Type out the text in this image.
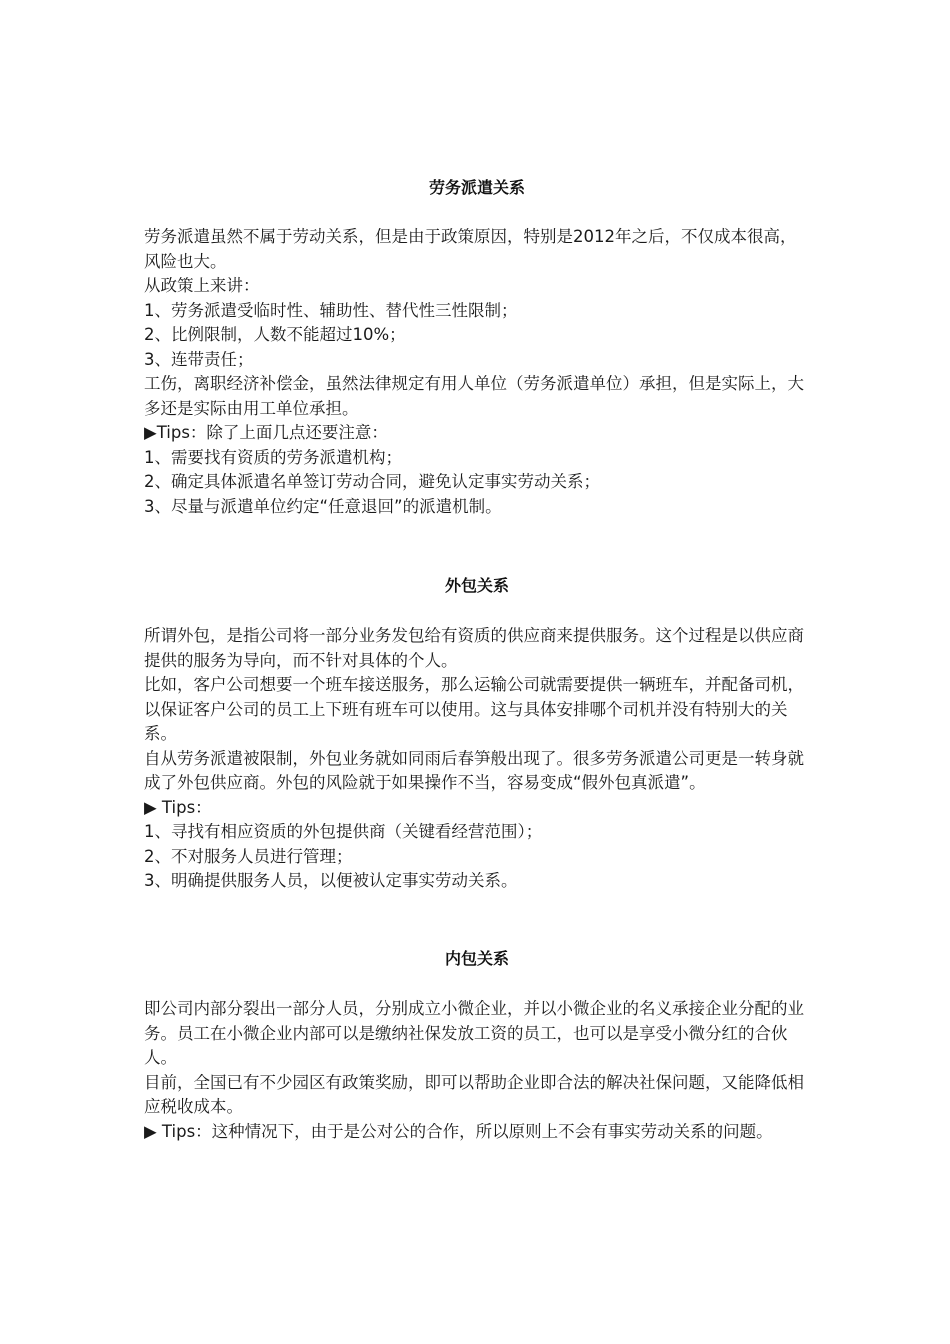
劳务派遣关系

劳务派遣虽然不属于劳动关系，但是由于政策原因，特别是2012年之后，不仅成本很高，风险也大。

从政策上来讲：

1、劳务派遣受临时性、辅助性、替代性三性限制；

2、比例限制，人数不能超过10%；

3、连带责任；

工伤，离职经济补偿金，虽然法律规定有用人单位（劳务派遣单位）承担，但是实际上，大多还是实际由用工单位承担。

▶Tips：除了上面几点还要注意：

1、需要找有资质的劳务派遣机构；

2、确定具体派遣名单签订劳动合同，避免认定事实劳动关系；

3、尽量与派遣单位约定“任意退回”的派遣机制。

外包关系

所谓外包，是指公司将一部分业务发包给有资质的供应商来提供服务。这个过程是以供应商提供的服务为导向，而不针对具体的个人。

比如，客户公司想要一个班车接送服务，那么运输公司就需要提供一辆班车，并配备司机，以保证客户公司的员工上下班有班车可以使用。这与具体安排哪个司机并没有特别大的关系。

自从劳务派遣被限制，外包业务就如同雨后春笋般出现了。很多劳务派遣公司更是一转身就成了外包供应商。外包的风险就于如果操作不当，容易变成“假外包真派遣”。

▶ Tips：

1、寻找有相应资质的外包提供商（关键看经营范围）；

2、不对服务人员进行管理；

3、明确提供服务人员，以便被认定事实劳动关系。

内包关系

即公司内部分裂出一部分人员，分别成立小微企业，并以小微企业的名义承接企业分配的业务。员工在小微企业内部可以是缴纳社保发放工资的员工，也可以是享受小微分红的合伙人。

目前，全国已有不少园区有政策奖励，即可以帮助企业即合法的解决社保问题，又能降低相应税收成本。

▶ Tips：这种情况下，由于是公对公的合作，所以原则上不会有事实劳动关系的问题。
